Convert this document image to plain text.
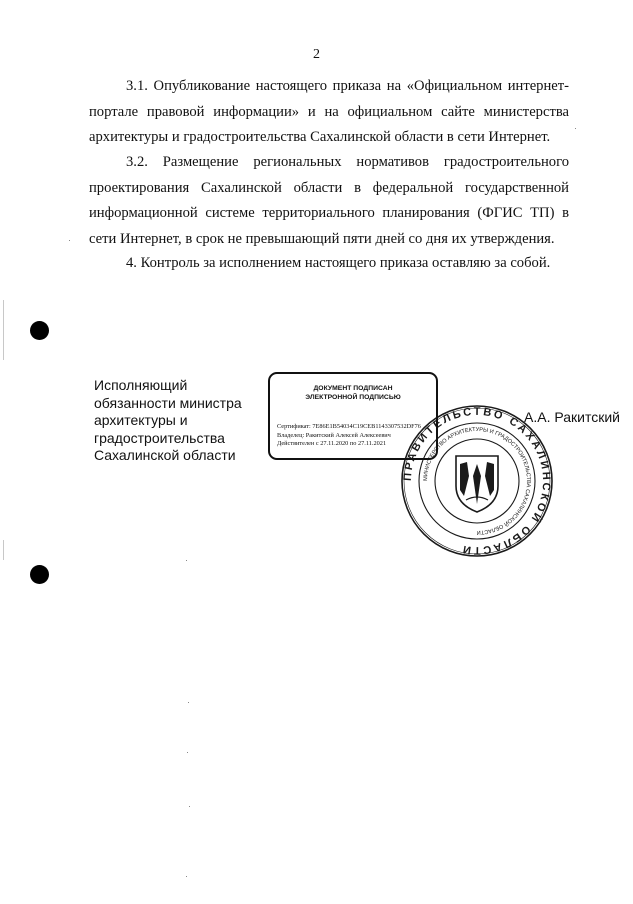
2
3.1. Опубликование настоящего приказа на «Официальном интернет-портале правовой информации» и на официальном сайте министерства архитектуры и градостроительства Сахалинской области в сети Интернет.
3.2. Размещение региональных нормативов градостроительного проектирования Сахалинской области в федеральной государственной информационной системе территориального планирования (ФГИС ТП) в сети Интернет, в срок не превышающий пяти дней со дня их утверждения.
4. Контроль за исполнением настоящего приказа оставляю за собой.
Исполняющий
обязанности министра
архитектуры и
градостроительства
Сахалинской области
ПРАВИТЕЛЬСТВО САХАЛИНСКОЙ ОБЛАСТИ
МИНИСТЕРСТВО АРХИТЕКТУРЫ И ГРАДОСТРОИТЕЛЬСТВА САХАЛИНСКОЙ ОБЛАСТИ
ДОКУМЕНТ ПОДПИСАН
ЭЛЕКТРОННОЙ ПОДПИСЬЮ
Сертификат: 7E86E1B54034C19CEB1143307532DF76
Владелец: Ракитский Алексей Алексеевич
Действителен с 27.11.2020 по 27.11.2021
А.А. Ракитский
